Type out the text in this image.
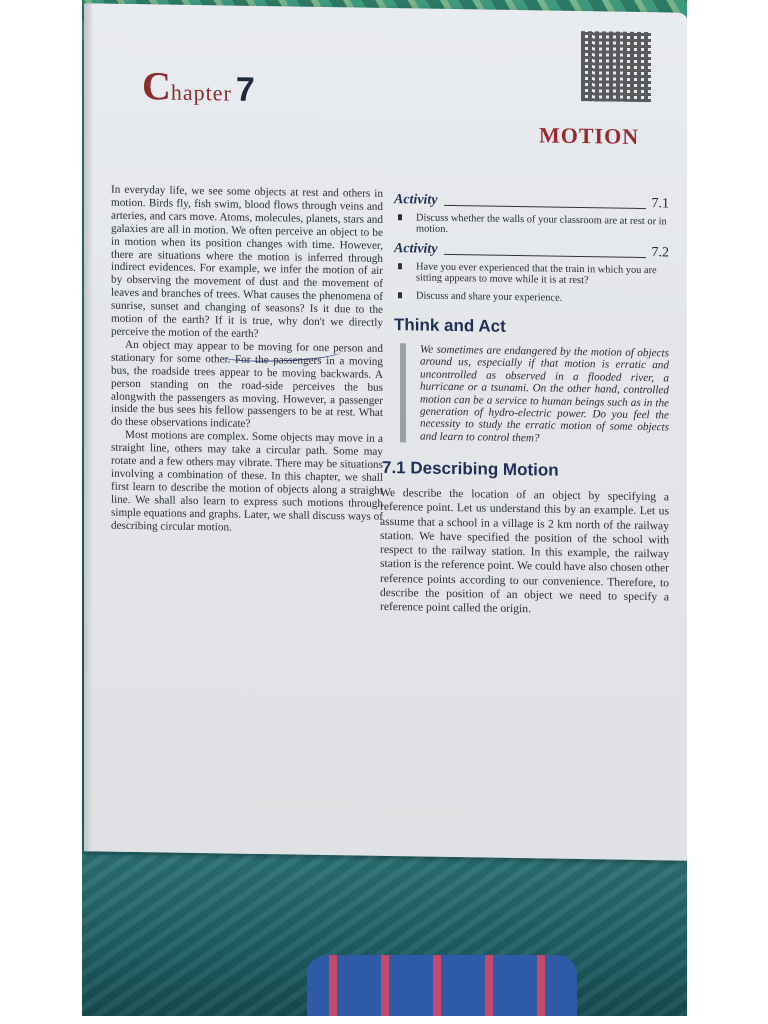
Chapter 7
MOTION

In everyday life, we see some objects at rest and others in motion. Birds fly, fish swim, blood flows through veins and arteries, and cars move. Atoms, molecules, planets, stars and galaxies are all in motion. We often perceive an object to be in motion when its position changes with time. However, there are situations where the motion is inferred through indirect evidences. For example, we infer the motion of air by observing the movement of dust and the movement of leaves and branches of trees. What causes the phenomena of sunrise, sunset and changing of seasons? Is it due to the motion of the earth? If it is true, why don't we directly perceive the motion of the earth?

An object may appear to be moving for one person and stationary for some other. For the passengers in a moving bus, the roadside trees appear to be moving backwards. A person standing on the road-side perceives the bus alongwith the passengers as moving. However, a passenger inside the bus sees his fellow passengers to be at rest. What do these observations indicate?

Most motions are complex. Some objects may move in a straight line, others may take a circular path. Some may rotate and a few others may vibrate. There may be situations involving a combination of these. In this chapter, we shall first learn to describe the motion of objects along a straight line. We shall also learn to express such motions through simple equations and graphs. Later, we shall discuss ways of describing circular motion.

Activity	7.1
Discuss whether the walls of your classroom are at rest or in motion.
Activity	7.2
Have you ever experienced that the train in which you are sitting appears to move while it is at rest?
Discuss and share your experience.
Think and Act
We sometimes are endangered by the motion of objects around us, especially if that motion is erratic and uncontrolled as observed in a flooded river, a hurricane or a tsunami. On the other hand, controlled motion can be a service to human beings such as in the generation of hydro-electric power. Do you feel the necessity to study the erratic motion of some objects and learn to control them?
7.1 Describing Motion
We describe the location of an object by specifying a reference point. Let us understand this by an example. Let us assume that a school in a village is 2 km north of the railway station. We have specified the position of the school with respect to the railway station. In this example, the railway station is the reference point. We could have also chosen other reference points according to our convenience. Therefore, to describe the position of an object we need to specify a reference point called the origin.
